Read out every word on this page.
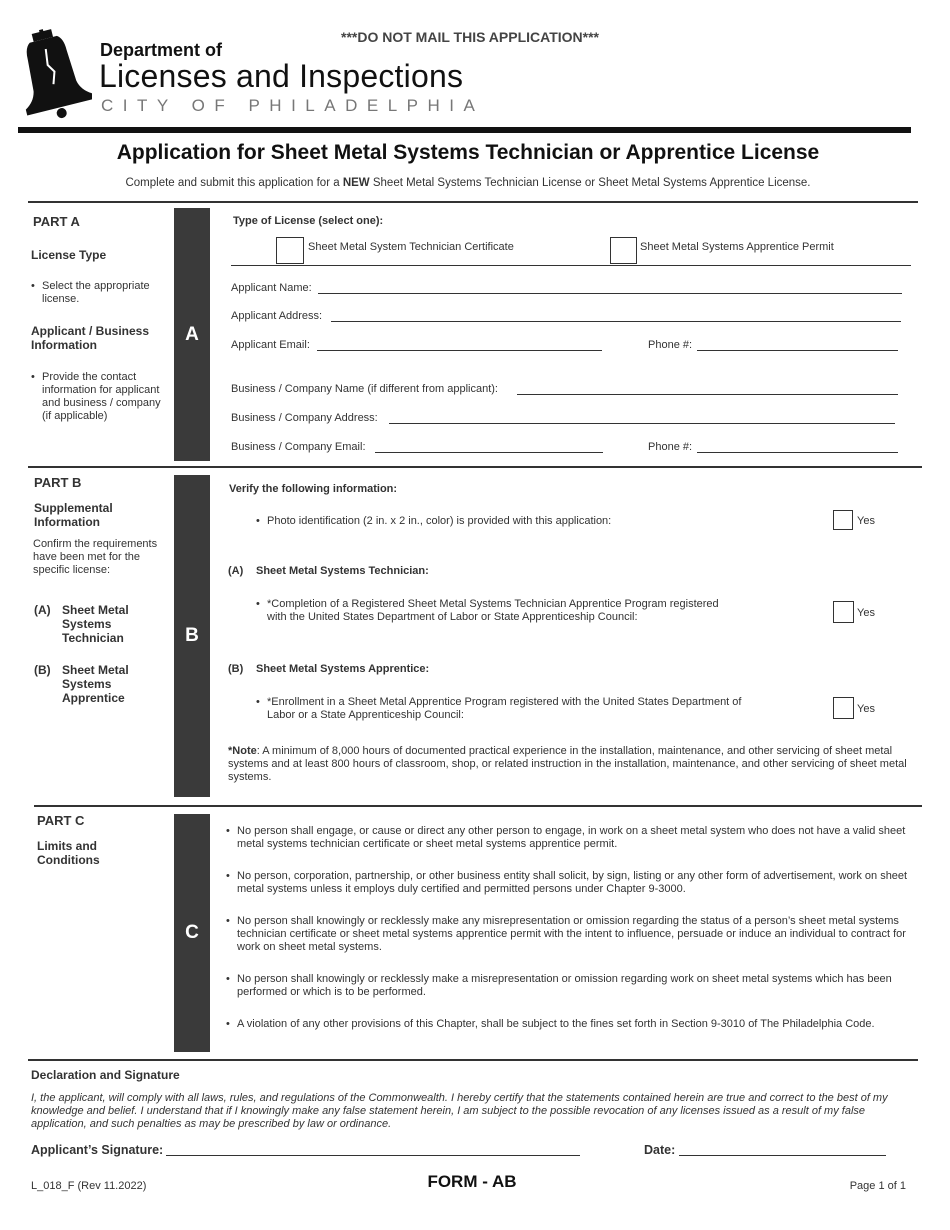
***DO NOT MAIL THIS APPLICATION***
Department of
Licenses and Inspections
CITY OF PHILADELPHIA
Application for Sheet Metal Systems Technician or Apprentice License
Complete and submit this application for a NEW Sheet Metal Systems Technician License or Sheet Metal Systems Apprentice License.
PART A
License Type
• Select the appropriate license.
Applicant / Business Information
• Provide the contact information for applicant and business / company (if applicable)
A
Type of License (select one):
Sheet Metal System Technician Certificate	Sheet Metal Systems Apprentice Permit
Applicant Name:
Applicant Address:
Applicant Email:	Phone #:
Business / Company Name (if different from applicant):
Business / Company Address:
Business / Company Email:	Phone #:
PART B
Supplemental Information
Confirm the requirements have been met for the specific license:
(A) Sheet Metal Systems Technician
(B) Sheet Metal Systems Apprentice
B
Verify the following information:
• Photo identification (2 in. x 2 in., color) is provided with this application:	Yes
(A) Sheet Metal Systems Technician:
• *Completion of a Registered Sheet Metal Systems Technician Apprentice Program registered with the United States Department of Labor or State Apprenticeship Council:	Yes
(B) Sheet Metal Systems Apprentice:
• *Enrollment in a Sheet Metal Apprentice Program registered with the United States Department of Labor or a State Apprenticeship Council:	Yes
*Note: A minimum of 8,000 hours of documented practical experience in the installation, maintenance, and other servicing of sheet metal systems and at least 800 hours of classroom, shop, or related instruction in the installation, maintenance, and other servicing of sheet metal systems.
PART C
Limits and Conditions
C
• No person shall engage, or cause or direct any other person to engage, in work on a sheet metal system who does not have a valid sheet metal systems technician certificate or sheet metal systems apprentice permit.
• No person, corporation, partnership, or other business entity shall solicit, by sign, listing or any other form of advertisement, work on sheet metal systems unless it employs duly certified and permitted persons under Chapter 9-3000.
• No person shall knowingly or recklessly make any misrepresentation or omission regarding the status of a person’s sheet metal systems technician certificate or sheet metal systems apprentice permit with the intent to influence, persuade or induce an individual to contract for work on sheet metal systems.
• No person shall knowingly or recklessly make a misrepresentation or omission regarding work on sheet metal systems which has been performed or which is to be performed.
• A violation of any other provisions of this Chapter, shall be subject to the fines set forth in Section 9-3010 of The Philadelphia Code.
Declaration and Signature
I, the applicant, will comply with all laws, rules, and regulations of the Commonwealth. I hereby certify that the statements contained herein are true and correct to the best of my knowledge and belief. I understand that if I knowingly make any false statement herein, I am subject to the possible revocation of any licenses issued as a result of my false application, and such penalties as may be prescribed by law or ordinance.
Applicant’s Signature:	Date:
L_018_F (Rev 11.2022)	FORM - AB	Page 1 of 1
